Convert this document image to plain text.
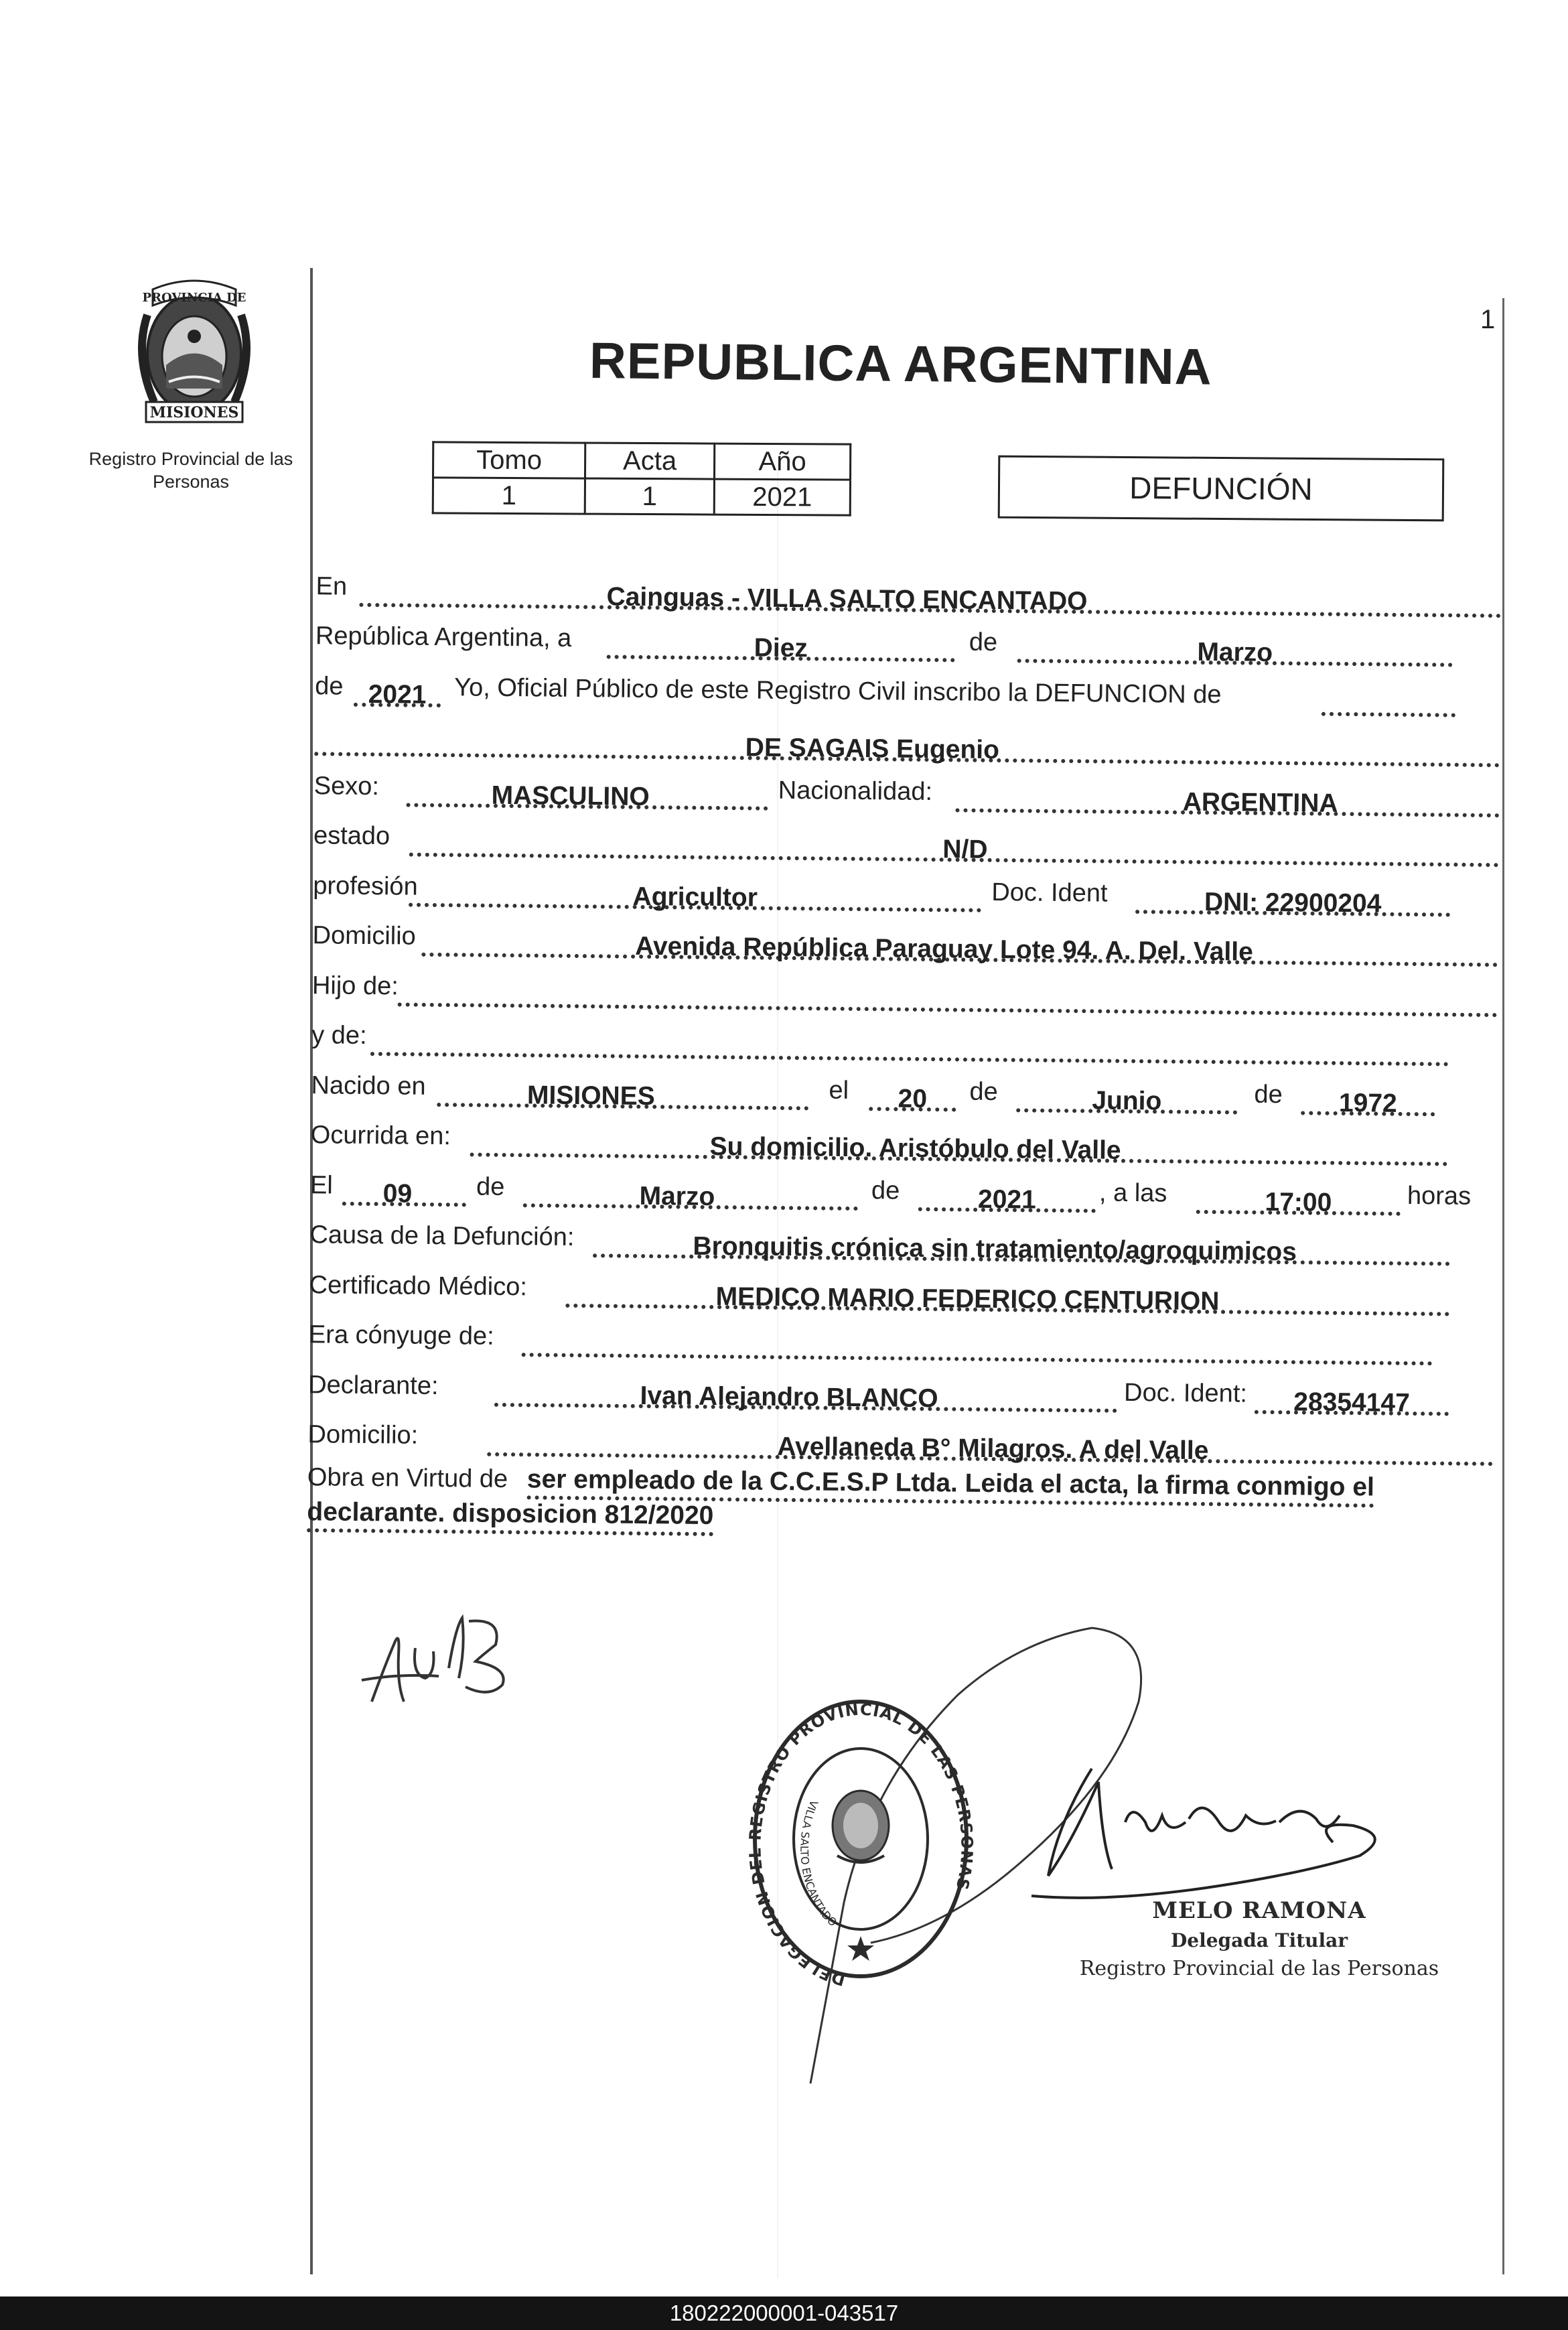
1
MISIONES
PROVINCIA DE
Registro Provincial de las Personas
REPUBLICA ARGENTINA
Tomo	Acta	Año
1	1	2021	DEFUNCIÓN
En	Cainguas - VILLA SALTO ENCANTADO
República Argentina, a	Diez	de	Marzo
de 2021	Yo, Oficial Público de este Registro Civil inscribo la DEFUNCION de
DE SAGAIS Eugenio
Sexo:	MASCULINO	Nacionalidad:	ARGENTINA
estado	N/D
profesión	Agricultor	Doc. Ident	DNI: 22900204
Domicilio	Avenida República Paraguay Lote 94. A. Del. Valle
Hijo de:
y de:
Nacido en	MISIONES	el	20	de	Junio	de	1972
Ocurrida en:	Su domicilio. Aristóbulo del Valle
El	09	de	Marzo	de	2021	, a las	17:00	horas
Causa de la Defunción:	Bronquitis crónica sin tratamiento/agroquimicos
Certificado Médico:	MEDICO MARIO FEDERICO CENTURION
Era cónyuge de:
Declarante:	Ivan Alejandro BLANCO	Doc. Ident:	28354147
Domicilio:	Avellaneda B° Milagros. A del Valle
Obra en Virtud de ser empleado de la C.C.E.S.P Ltda. Leida el acta, la firma conmigo el
declarante. disposicion 812/2020
DELEGACION DEL REGISTRO PROVINCIAL DE LAS PERSONAS
VILLA SALTO ENCANTADO	MELO RAMONA
Delegada Titular
Registro Provincial de las Personas
180222000001-043517
